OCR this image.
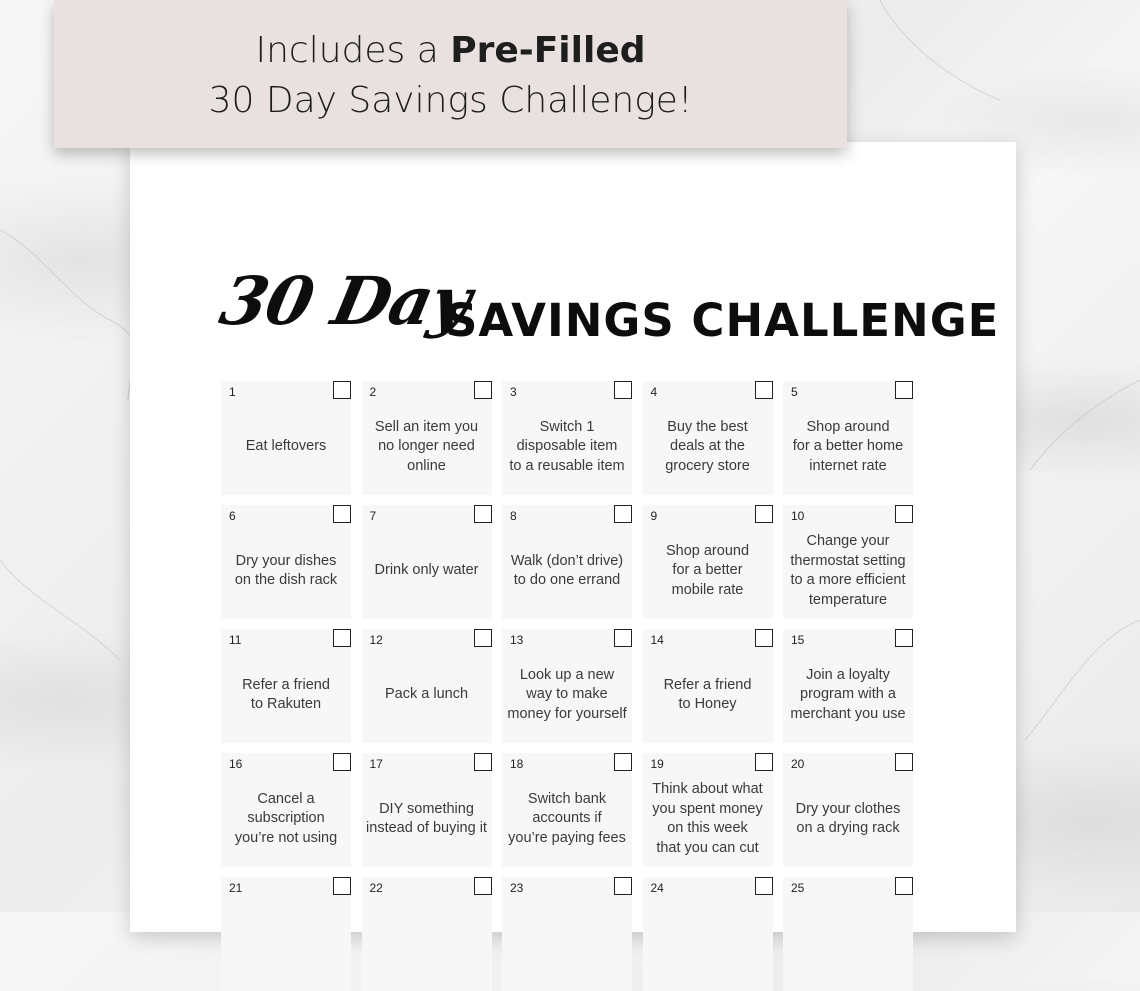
Includes a Pre-Filled
30 Day Savings Challenge!
30 Day
SAVINGS CHALLENGE
1
Eat leftovers
2
Sell an item you
no longer need
online
3
Switch 1
disposable item
to a reusable item
4
Buy the best
deals at the
grocery store
5
Shop around
for a better home
internet rate
6
Dry your dishes
on the dish rack
7
Drink only water
8
Walk (don’t drive)
to do one errand
9
Shop around
for a better
mobile rate
10
Change your
thermostat setting
to a more efficient
temperature
11
Refer a friend
to Rakuten
12
Pack a lunch
13
Look up a new
way to make
money for yourself
14
Refer a friend
to Honey
15
Join a loyalty
program with a
merchant you use
16
Cancel a
subscription
you’re not using
17
DIY something
instead of buying it
18
Switch bank
accounts if
you’re paying fees
19
Think about what
you spent money
on this week
that you can cut
20
Dry your clothes
on a drying rack
21	22	23	24	25
